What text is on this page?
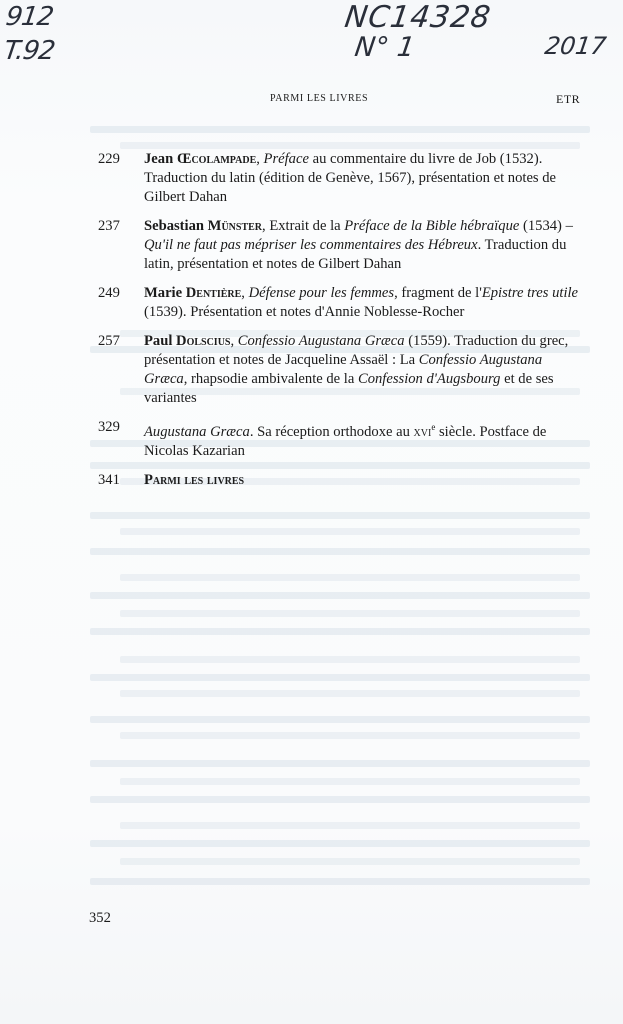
912
T.92
NC14328
N° 1	2017
PARMI LES LIVRES	ETR
229 Jean Œcolampade, Préface au commentaire du livre de Job (1532). Traduction du latin (édition de Genève, 1567), présentation et notes de Gilbert Dahan
237 Sebastian Münster, Extrait de la Préface de la Bible hébraïque (1534) – Qu'il ne faut pas mépriser les commentaires des Hébreux. Traduction du latin, présentation et notes de Gilbert Dahan
249 Marie Dentière, Défense pour les femmes, fragment de l'Epistre tres utile (1539). Présentation et notes d'Annie Noblesse-Rocher
257 Paul Dolscius, Confessio Augustana Græca (1559). Traduction du grec, présentation et notes de Jacqueline Assaël : La Confessio Augustana Græca, rhapsodie ambivalente de la Confession d'Augsbourg et de ses variantes
329 Augustana Græca. Sa réception orthodoxe au xvi$^e$ siècle. Postface de Nicolas Kazarian
341 Parmi les livres
352
